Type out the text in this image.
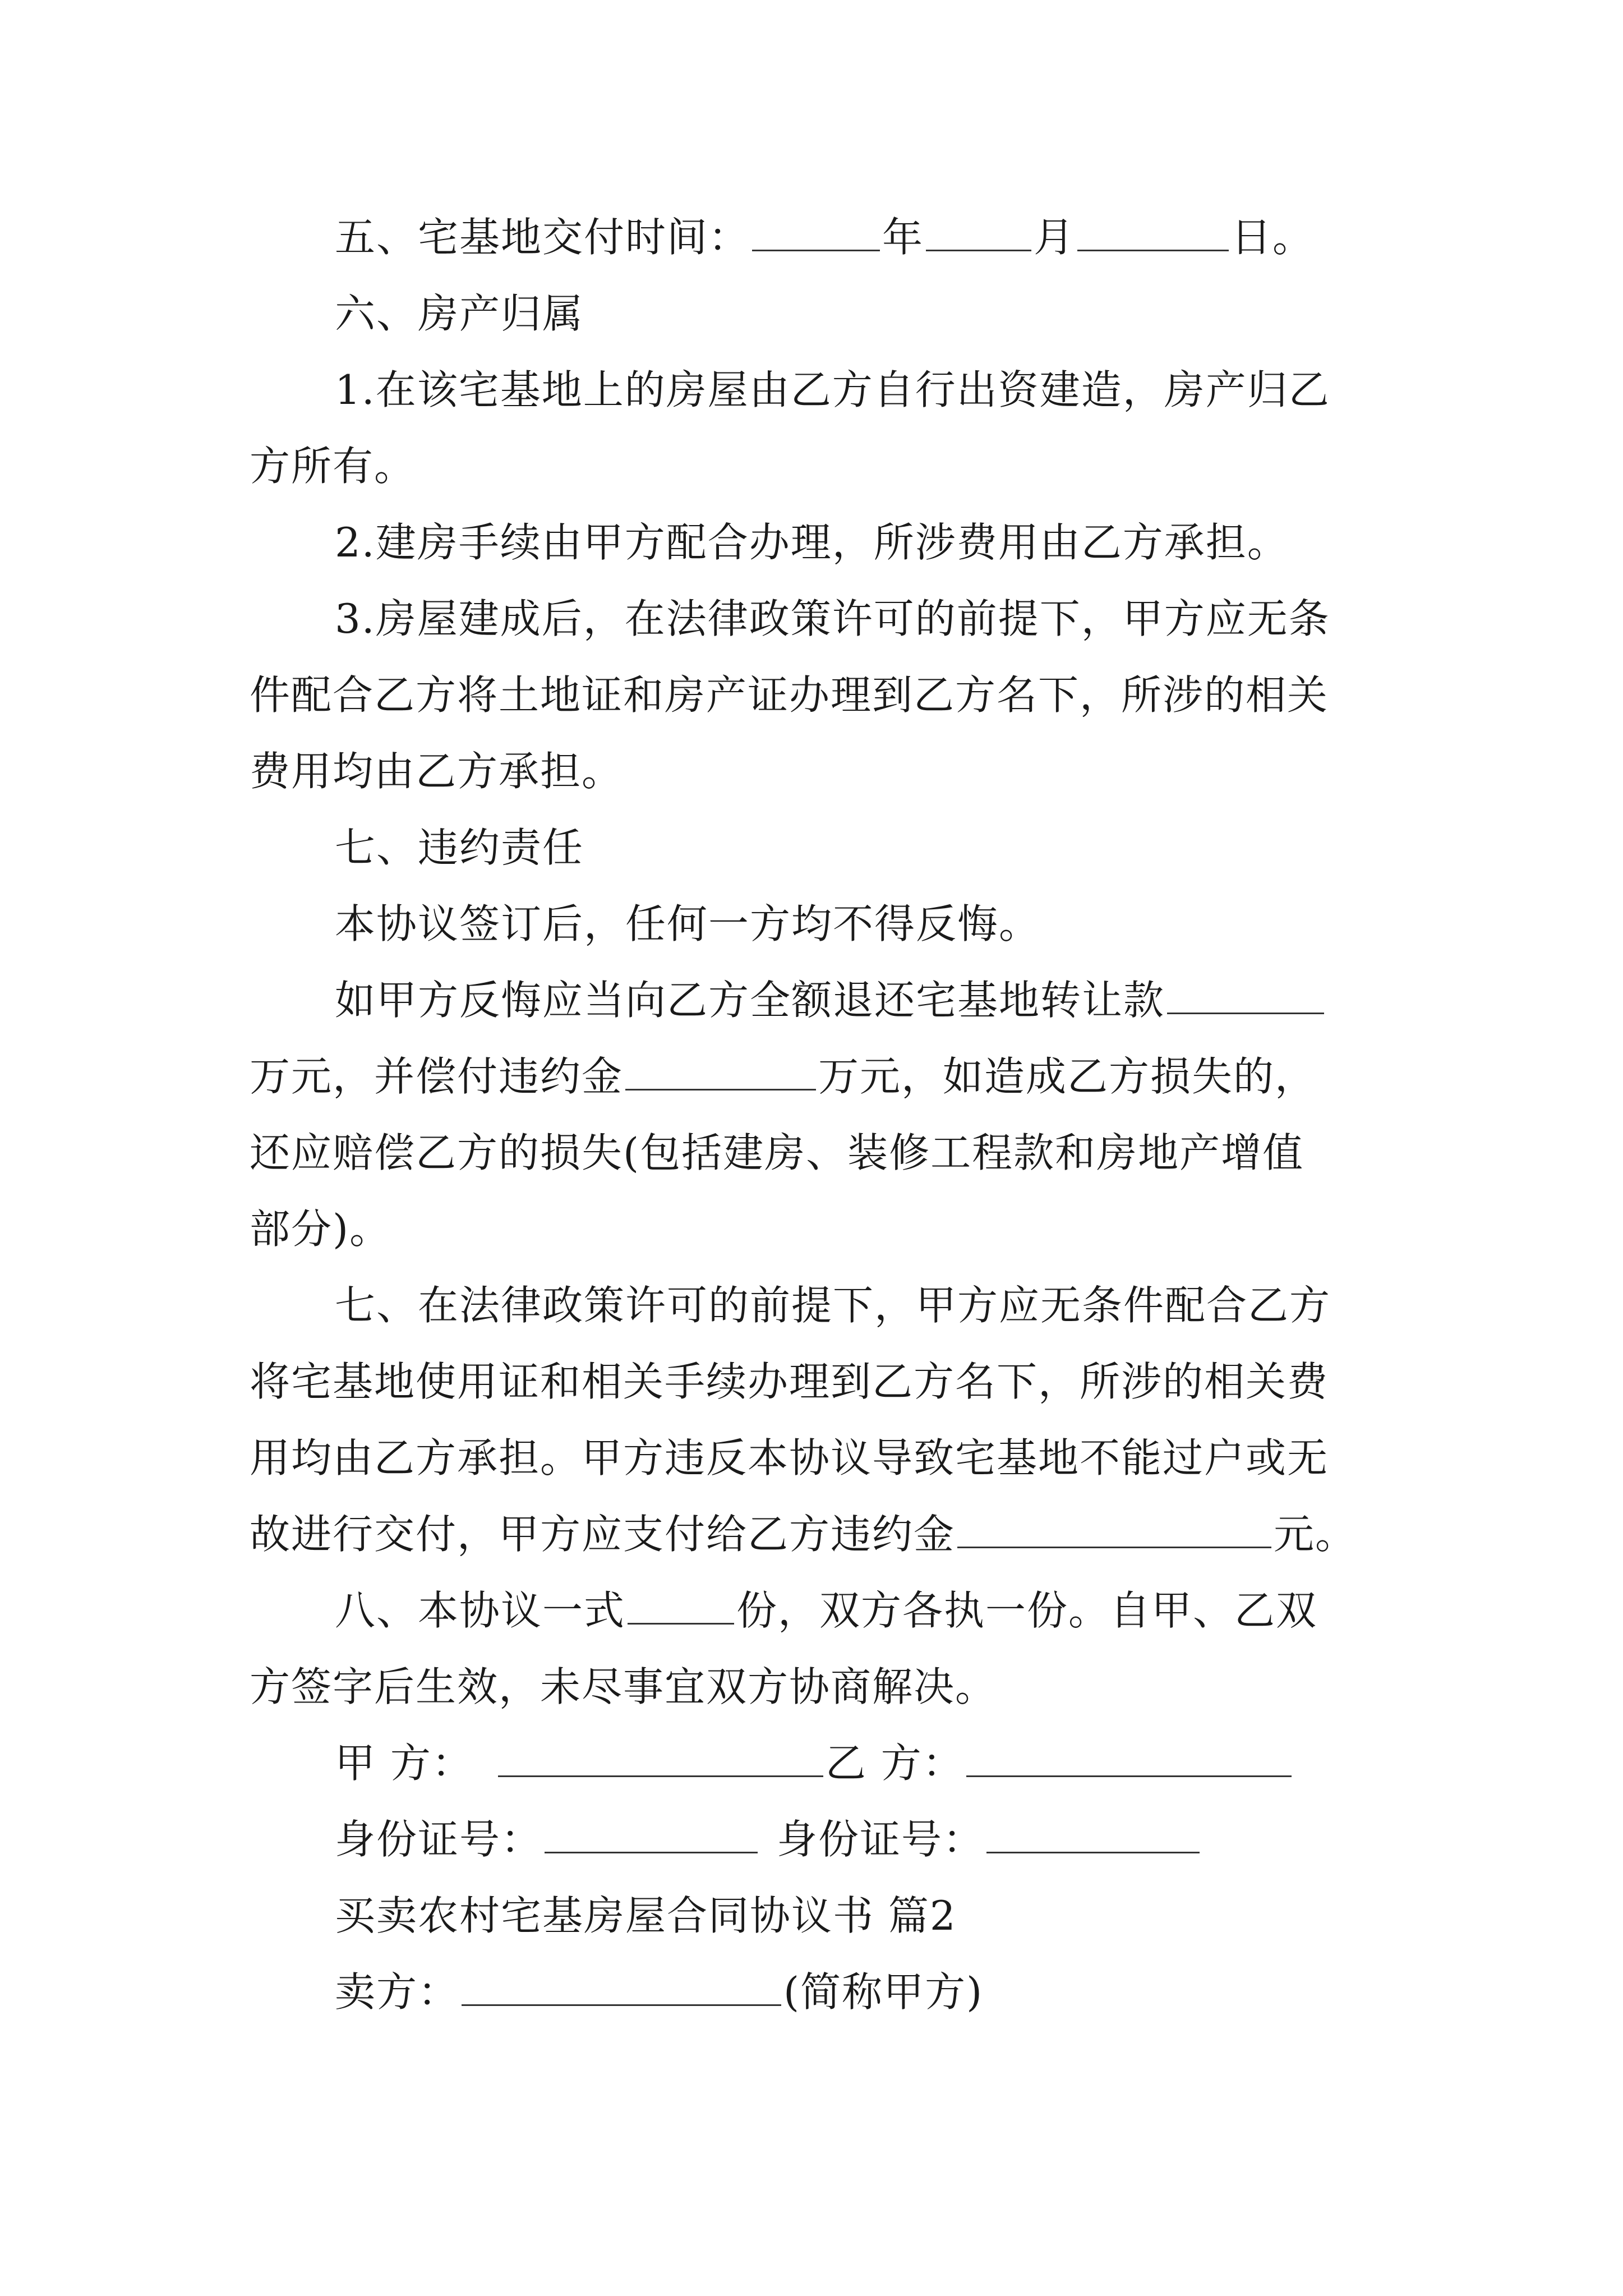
五、宅基地交付时间：	年	月	日。
六、房产归属
1.在该宅基地上的房屋由乙方自行出资建造，房产归乙
方所有。
2.建房手续由甲方配合办理，所涉费用由乙方承担。
3.房屋建成后，在法律政策许可的前提下，甲方应无条
件配合乙方将土地证和房产证办理到乙方名下，所涉的相关
费用均由乙方承担。
七、违约责任
本协议签订后，任何一方均不得反悔。
如甲方反悔应当向乙方全额退还宅基地转让款
万元，并偿付违约金	万元，如造成乙方损失的，
还应赔偿乙方的损失(包括建房、装修工程款和房地产增值
部分)。
七、在法律政策许可的前提下，甲方应无条件配合乙方
将宅基地使用证和相关手续办理到乙方名下，所涉的相关费
用均由乙方承担。甲方违反本协议导致宅基地不能过户或无
故进行交付，甲方应支付给乙方违约金	元。
八、本协议一式	份，双方各执一份。自甲、乙双
方签字后生效，未尽事宜双方协商解决。
甲 方：	乙 方：
身份证号：	身份证号：
买卖农村宅基房屋合同协议书 篇2
卖方：	(简称甲方)
